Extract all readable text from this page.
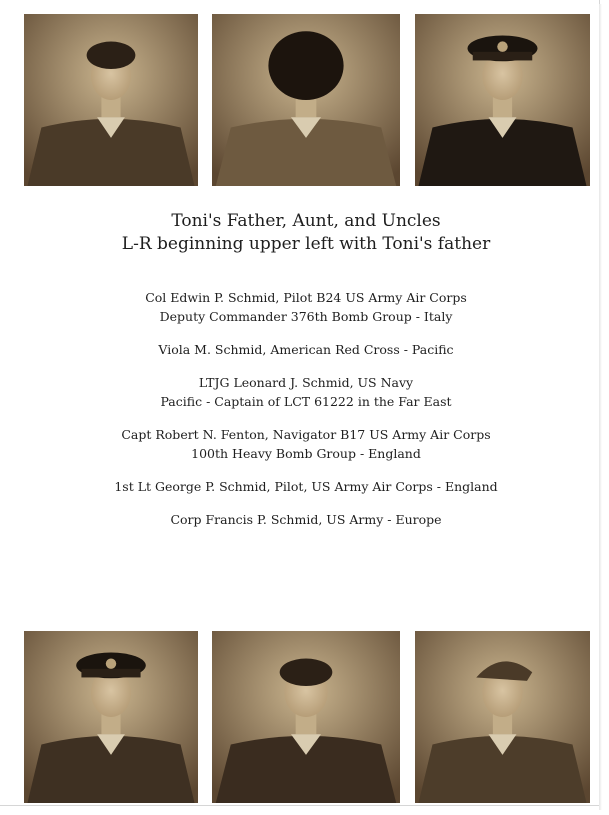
Toni's Father, Aunt, and Uncles
L-R beginning upper left with Toni's father
Col Edwin P. Schmid, Pilot B24 US Army Air Corps
Deputy Commander 376th Bomb Group - Italy
Viola M. Schmid, American Red Cross - Pacific
LTJG Leonard J. Schmid, US Navy
Pacific - Captain of LCT 61222 in the Far East
Capt Robert N. Fenton, Navigator B17 US Army Air Corps
100th Heavy Bomb Group - England
1st Lt George P. Schmid, Pilot, US Army Air Corps - England
Corp Francis P. Schmid, US Army - Europe
